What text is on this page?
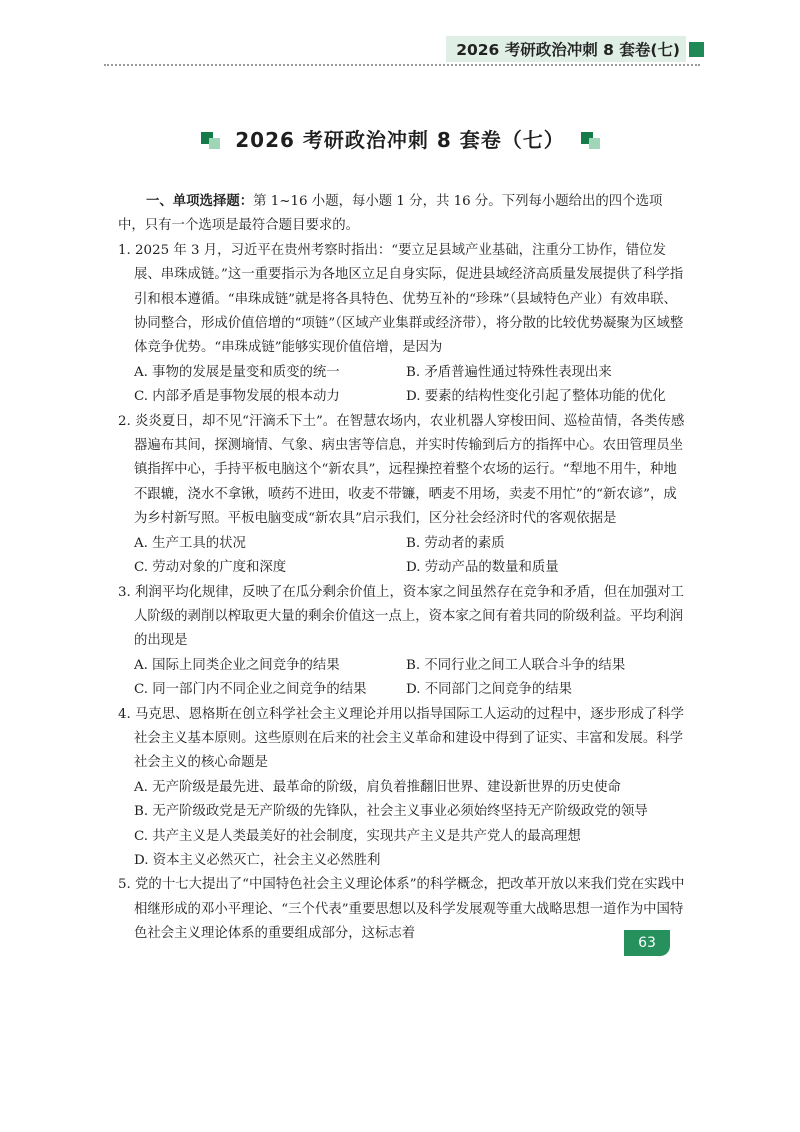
2026 考研政治冲刺 8 套卷(七)
2026 考研政治冲刺 8 套卷（七）

一、单项选择题：第 1~16 小题，每小题 1 分，共 16 分。下列每小题给出的四个选项中，只有一个选项是最符合题目要求的。

1. 2025 年 3 月，习近平在贵州考察时指出：“要立足县域产业基础，注重分工协作，错位发展、串珠成链。”这一重要指示为各地区立足自身实际，促进县域经济高质量发展提供了科学指引和根本遵循。“串珠成链”就是将各具特色、优势互补的“珍珠”（县域特色产业）有效串联、协同整合，形成价值倍增的“项链”（区域产业集群或经济带），将分散的比较优势凝聚为区域整体竞争优势。“串珠成链”能够实现价值倍增，是因为

A. 事物的发展是量变和质变的统一	B. 矛盾普遍性通过特殊性表现出来
C. 内部矛盾是事物发展的根本动力	D. 要素的结构性变化引起了整体功能的优化

2. 炎炎夏日，却不见“汗滴禾下土”。在智慧农场内，农业机器人穿梭田间、巡检苗情，各类传感器遍布其间，探测墒情、气象、病虫害等信息，并实时传输到后方的指挥中心。农田管理员坐镇指挥中心，手持平板电脑这个“新农具”，远程操控着整个农场的运行。“犁地不用牛，种地不跟辘，浇水不拿锹，喷药不进田，收麦不带镰，晒麦不用场，卖麦不用忙”的“新农谚”，成为乡村新写照。平板电脑变成“新农具”启示我们，区分社会经济时代的客观依据是

A. 生产工具的状况	B. 劳动者的素质
C. 劳动对象的广度和深度	D. 劳动产品的数量和质量

3. 利润平均化规律，反映了在瓜分剩余价值上，资本家之间虽然存在竞争和矛盾，但在加强对工人阶级的剥削以榨取更大量的剩余价值这一点上，资本家之间有着共同的阶级利益。平均利润的出现是

A. 国际上同类企业之间竞争的结果	B. 不同行业之间工人联合斗争的结果
C. 同一部门内不同企业之间竞争的结果	D. 不同部门之间竞争的结果

4. 马克思、恩格斯在创立科学社会主义理论并用以指导国际工人运动的过程中，逐步形成了科学社会主义基本原则。这些原则在后来的社会主义革命和建设中得到了证实、丰富和发展。科学社会主义的核心命题是

A. 无产阶级是最先进、最革命的阶级，肩负着推翻旧世界、建设新世界的历史使命
B. 无产阶级政党是无产阶级的先锋队，社会主义事业必须始终坚持无产阶级政党的领导
C. 共产主义是人类最美好的社会制度，实现共产主义是共产党人的最高理想
D. 资本主义必然灭亡，社会主义必然胜利

5. 党的十七大提出了“中国特色社会主义理论体系”的科学概念，把改革开放以来我们党在实践中相继形成的邓小平理论、“三个代表”重要思想以及科学发展观等重大战略思想一道作为中国特色社会主义理论体系的重要组成部分，这标志着

63
